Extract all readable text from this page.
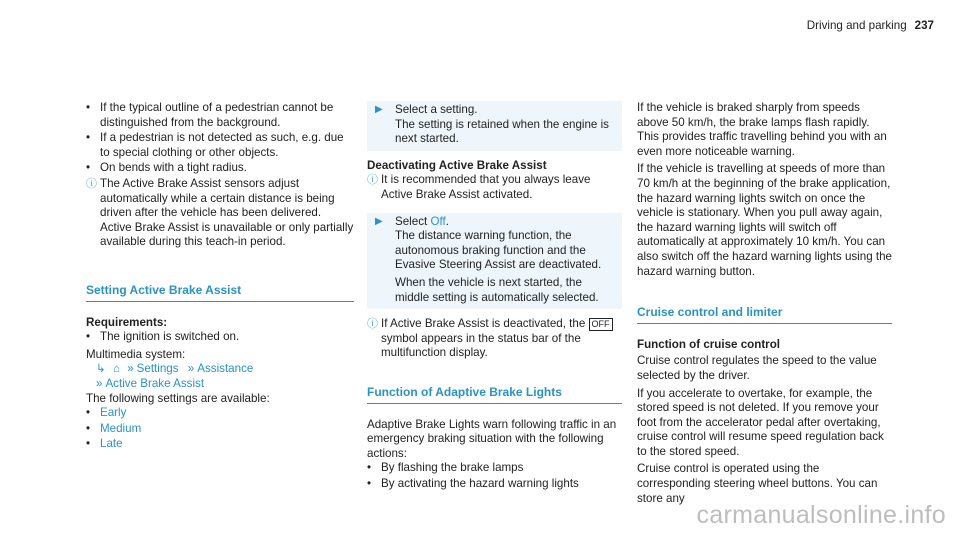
Driving and parking 237

• If the typical outline of a pedestrian cannot be distinguished from the background.

• If a pedestrian is not detected as such, e.g. due to special clothing or other objects.

• On bends with a tight radius.

ⓘ The Active Brake Assist sensors adjust automatically while a certain distance is being driven after the vehicle has been delivered. Active Brake Assist is unavailable or only partially available during this teach-in period.
Setting Active Brake Assist

Requirements:

• The ignition is switched on.

Multimedia system:

↳ ⌂ » Settings » Assistance

» Active Brake Assist

The following settings are available:

• Early

• Medium

• Late

▶ Select a setting.

The setting is retained when the engine is next started.

Deactivating Active Brake Assist

ⓘ It is recommended that you always leave Active Brake Assist activated.
▶ Select Off.

The distance warning function, the autonomous braking function and the Evasive Steering Assist are deactivated.

When the vehicle is next started, the middle setting is automatically selected.

ⓘ If Active Brake Assist is deactivated, the OFF symbol appears in the status bar of the multifunction display.
Function of Adaptive Brake Lights

Adaptive Brake Lights warn following traffic in an emergency braking situation with the following actions:

• By flashing the brake lamps

• By activating the hazard warning lights

If the vehicle is braked sharply from speeds above 50 km/h, the brake lamps flash rapidly. This provides traffic travelling behind you with an even more noticeable warning.

If the vehicle is travelling at speeds of more than 70 km/h at the beginning of the brake application, the hazard warning lights switch on once the vehicle is stationary. When you pull away again, the hazard warning lights will switch off automatically at approximately 10 km/h. You can also switch off the hazard warning lights using the hazard warning button.

Cruise control and limiter

Function of cruise control

Cruise control regulates the speed to the value selected by the driver.

If you accelerate to overtake, for example, the stored speed is not deleted. If you remove your foot from the accelerator pedal after overtaking, cruise control will resume speed regulation back to the stored speed.

Cruise control is operated using the corresponding steering wheel buttons. You can store any

carmanualsonline.info
